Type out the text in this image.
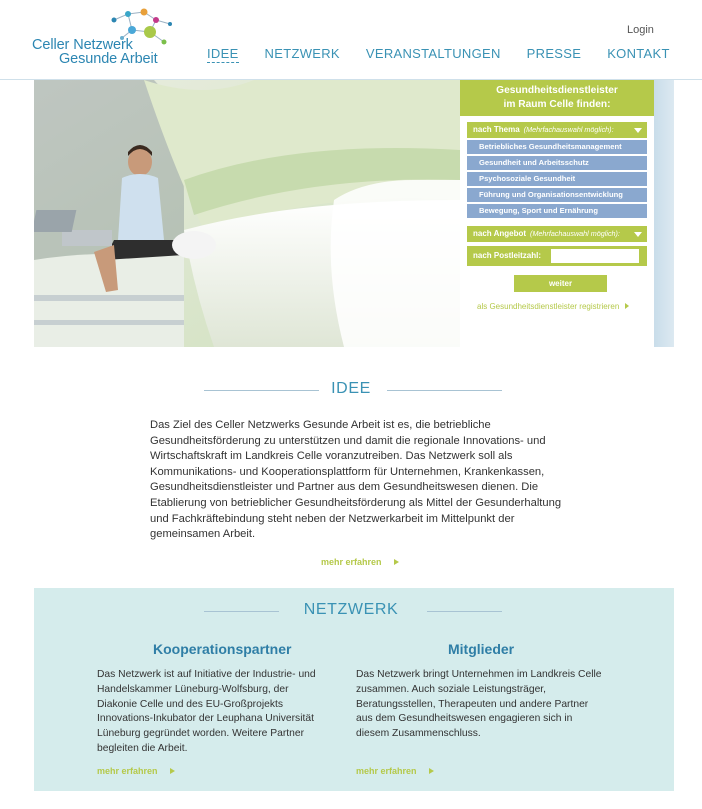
Celler Netzwerk
Gesunde Arbeit
Login
IDEE NETZWERK VERANSTALTUNGEN PRESSE KONTAKT
Gesundheitsdienstleister
im Raum Celle finden:
nach Thema (Mehrfachauswahl möglich):
Betriebliches Gesundheitsmanagement
Gesundheit und Arbeitsschutz
Psychosoziale Gesundheit
Führung und Organisationsentwicklung
Bewegung, Sport und Ernährung
nach Angebot (Mehrfachauswahl möglich):
nach Postleitzahl:
weiter
als Gesundheitsdienstleister registrieren
IDEE

Das Ziel des Celler Netzwerks Gesunde Arbeit ist es, die betriebliche Gesundheitsförderung zu unterstützen und damit die regionale Innovations- und Wirtschaftskraft im Landkreis Celle voranzutreiben. Das Netzwerk soll als Kommunikations- und Kooperationsplattform für Unternehmen, Krankenkassen, Gesundheitsdienstleister und Partner aus dem Gesundheitswesen dienen. Die Etablierung von betrieblicher Gesundheitsförderung als Mittel der Gesunderhaltung und Fachkräftebindung steht neben der Netzwerkarbeit im Mittelpunkt der gemeinsamen Arbeit.

mehr erfahren
NETZWERK
Kooperationspartner

Das Netzwerk ist auf Initiative der Industrie- und Handelskammer Lüneburg-Wolfsburg, der Diakonie Celle und des EU-Großprojekts Innovations-Inkubator der Leuphana Universität Lüneburg gegründet worden. Weitere Partner begleiten die Arbeit.

mehr erfahren
Mitglieder

Das Netzwerk bringt Unternehmen im Landkreis Celle zusammen. Auch soziale Leistungsträger, Beratungsstellen, Therapeuten und andere Partner aus dem Gesundheitswesen engagieren sich in diesem Zusammenschluss.

mehr erfahren
